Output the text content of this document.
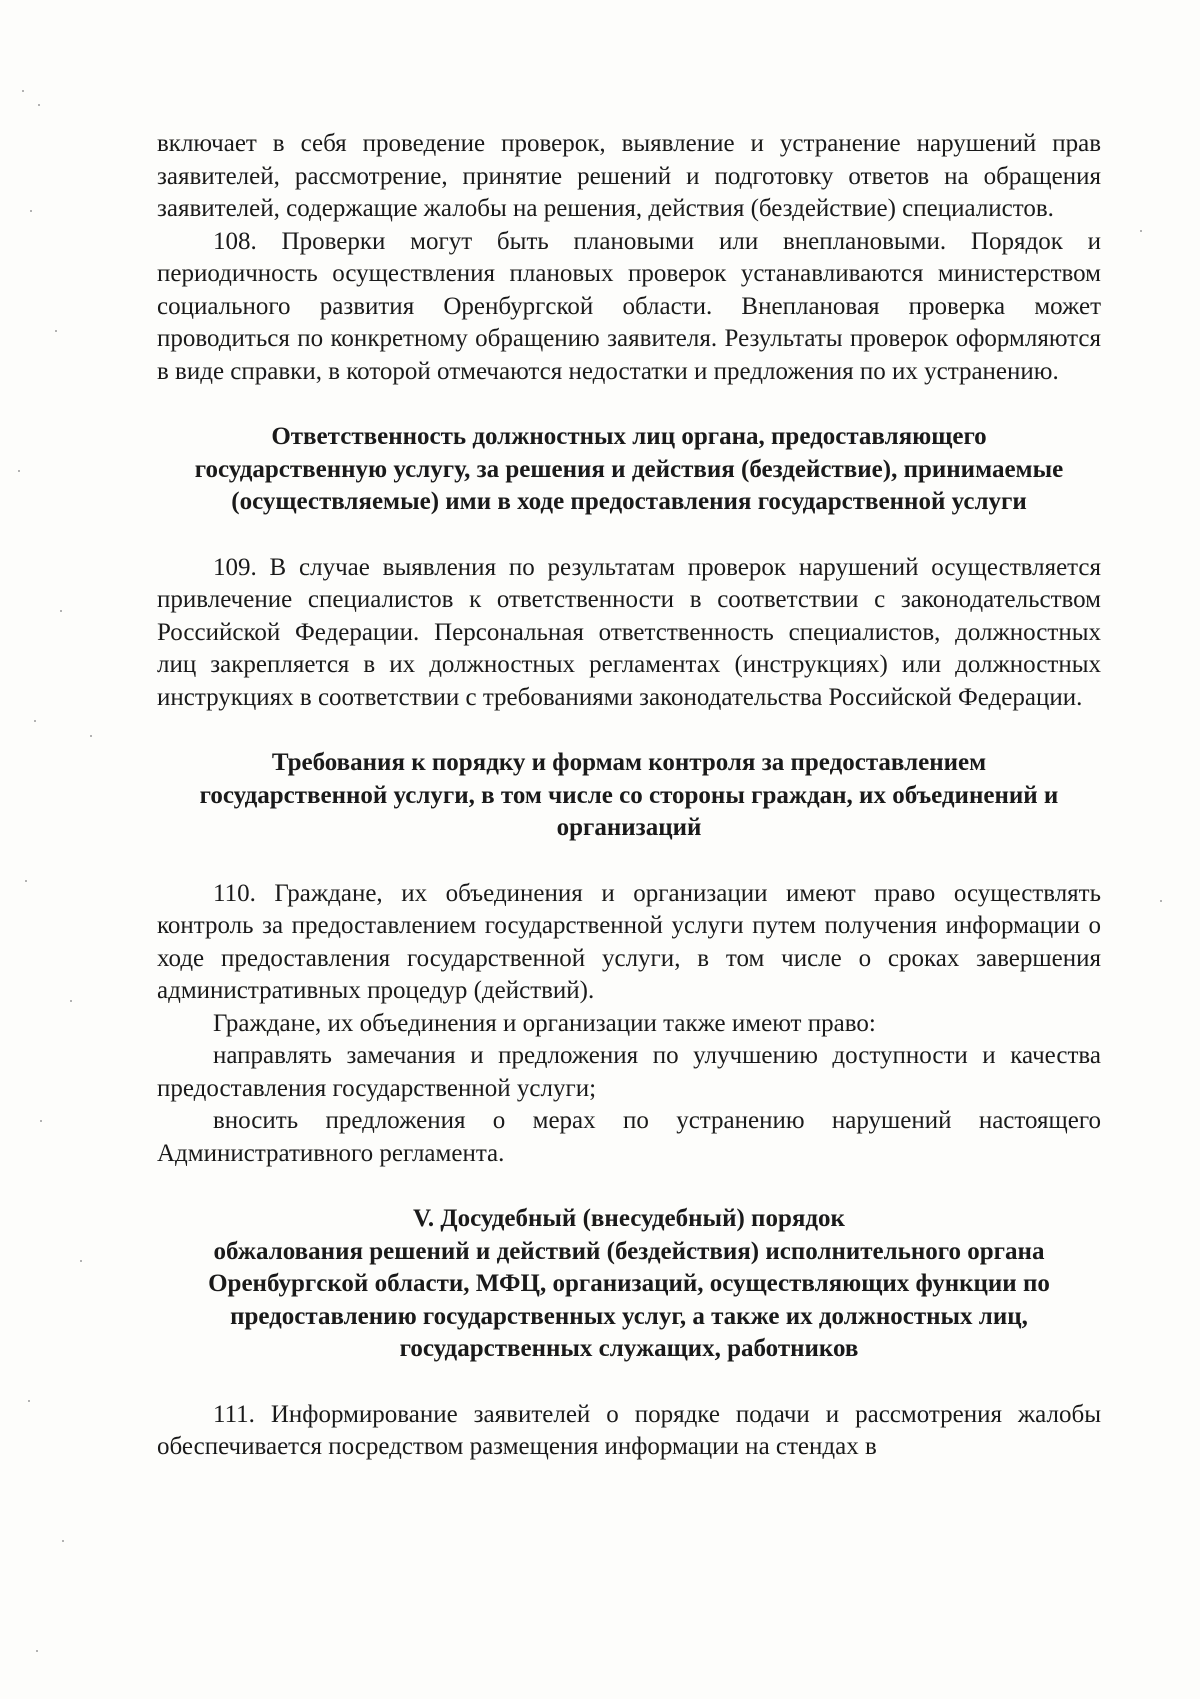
включает в себя проведение проверок, выявление и устранение нарушений прав заявителей, рассмотрение, принятие решений и подготовку ответов на обращения заявителей, содержащие жалобы на решения, действия (бездействие) специалистов.

108. Проверки могут быть плановыми или внеплановыми. Порядок и периодичность осуществления плановых проверок устанавливаются министерством социального развития Оренбургской области. Внеплановая проверка может проводиться по конкретному обращению заявителя. Результаты проверок оформляются в виде справки, в которой отмечаются недостатки и предложения по их устранению.

Ответственность должностных лиц органа, предоставляющего государственную услугу, за решения и действия (бездействие), принимаемые (осуществляемые) ими в ходе предоставления государственной услуги

109. В случае выявления по результатам проверок нарушений осуществляется привлечение специалистов к ответственности в соответствии с законодательством Российской Федерации. Персональная ответственность специалистов, должностных лиц закрепляется в их должностных регламентах (инструкциях) или должностных инструкциях в соответствии с требованиями законодательства Российской Федерации.

Требования к порядку и формам контроля за предоставлением государственной услуги, в том числе со стороны граждан, их объединений и организаций

110. Граждане, их объединения и организации имеют право осуществлять контроль за предоставлением государственной услуги путем получения информации о ходе предоставления государственной услуги, в том числе о сроках завершения административных процедур (действий).

Граждане, их объединения и организации также имеют право:

направлять замечания и предложения по улучшению доступности и качества предоставления государственной услуги;

вносить предложения о мерах по устранению нарушений настоящего Административного регламента.

V. Досудебный (внесудебный) порядок
обжалования решений и действий (бездействия) исполнительного органа Оренбургской области, МФЦ, организаций, осуществляющих функции по предоставлению государственных услуг, а также их должностных лиц, государственных служащих, работников

111. Информирование заявителей о порядке подачи и рассмотрения жалобы обеспечивается посредством размещения информации на стендах в
